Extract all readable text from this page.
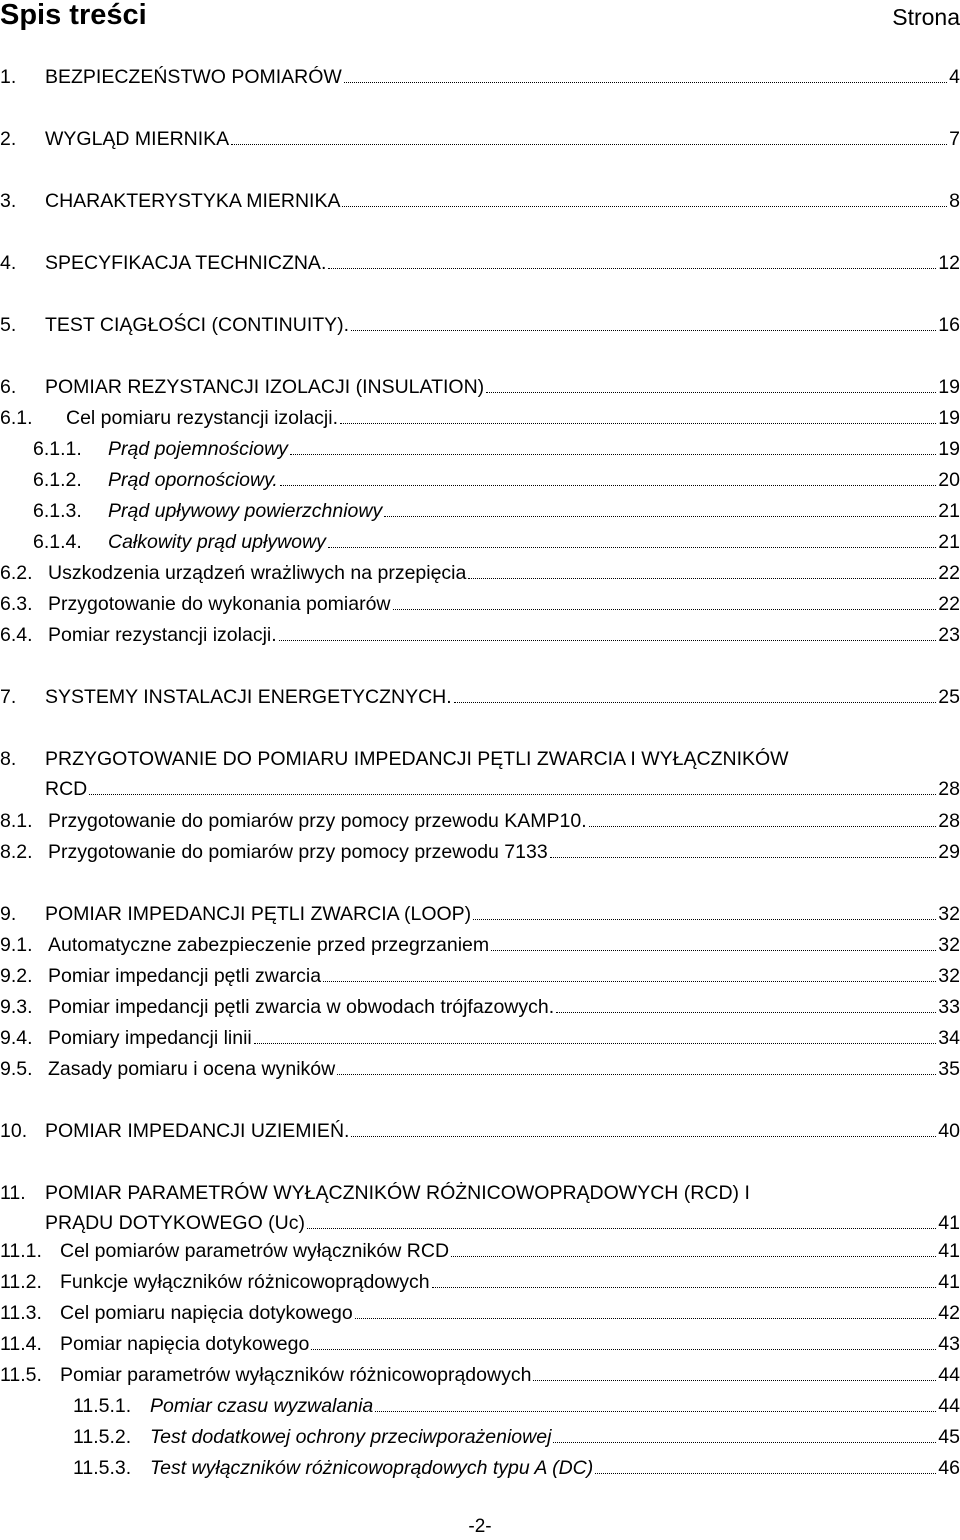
Spis treści	Strona
1.	BEZPIECZEŃSTWO POMIARÓW	4
2.	WYGLĄD MIERNIKA	7
3.	CHARAKTERYSTYKA MIERNIKA	8
4.	SPECYFIKACJA TECHNICZNA.	12
5.	TEST CIĄGŁOŚCI (CONTINUITY).	16
6.	POMIAR REZYSTANCJI IZOLACJI (INSULATION)	19
6.1.	Cel pomiaru rezystancji izolacji.	19
6.1.1.	Prąd pojemnościowy	19
6.1.2.	Prąd opornościowy.	20
6.1.3.	Prąd upływowy powierzchniowy	21
6.1.4.	Całkowity prąd upływowy	21
6.2. Uszkodzenia urządzeń wrażliwych na przepięcia	22
6.3. Przygotowanie do wykonania pomiarów	22
6.4. Pomiar rezystancji izolacji.	23
7.	SYSTEMY INSTALACJI ENERGETYCZNYCH.	25
8.	PRZYGOTOWANIE DO POMIARU IMPEDANCJI PĘTLI ZWARCIA I WYŁĄCZNIKÓW
RCD	28
8.1. Przygotowanie do pomiarów przy pomocy przewodu KAMP10.	28
8.2. Przygotowanie do pomiarów przy pomocy przewodu 7133	29
9.	POMIAR IMPEDANCJI PĘTLI ZWARCIA (LOOP)	32
9.1. Automatyczne zabezpieczenie przed przegrzaniem	32
9.2. Pomiar impedancji pętli zwarcia	32
9.3. Pomiar impedancji pętli zwarcia w obwodach trójfazowych.	33
9.4. Pomiary impedancji linii	34
9.5. Zasady pomiaru i ocena wyników	35
10. POMIAR IMPEDANCJI UZIEMIEŃ.	40
11. POMIAR PARAMETRÓW WYŁĄCZNIKÓW RÓŻNICOWOPRĄDOWYCH (RCD) I
PRĄDU DOTYKOWEGO (Uc)	41
11.1. Cel pomiarów parametrów wyłączników RCD	41
11.2. Funkcje wyłączników różnicowoprądowych	41
11.3. Cel pomiaru napięcia dotykowego	42
11.4. Pomiar napięcia dotykowego	43
11.5. Pomiar parametrów wyłączników różnicowoprądowych	44
11.5.1. Pomiar czasu wyzwalania	44
11.5.2. Test dodatkowej ochrony przeciwporażeniowej	45
11.5.3. Test wyłączników różnicowoprądowych typu A (DC)	46
-2-
